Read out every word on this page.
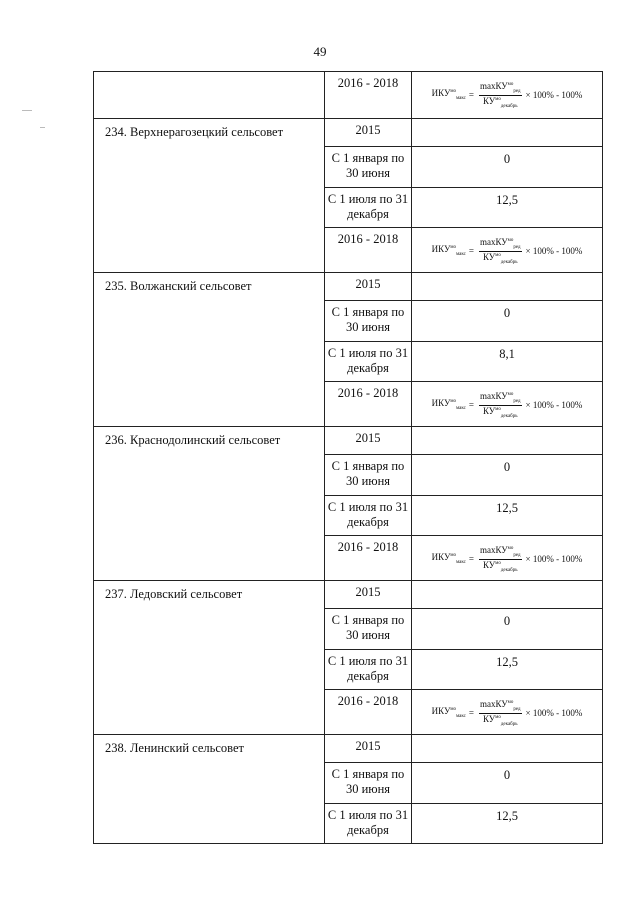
49

	2016 - 2018	$ИКУ^{мо}_{макс} = \frac{\max КУ^{мо}_{ред}}{КУ^{мо}_{декабрь}} \times 100\% - 100\%$

234. Верхнерагозецкий сельсовет	2015	

	С 1 января по 30 июня	0

	С 1 июля по 31 декабря	12,5

	2016 - 2018	$ИКУ^{мо}_{макс} = \frac{\max КУ^{мо}_{ред}}{КУ^{мо}_{декабрь}} \times 100\% - 100\%$

235. Волжанский сельсовет	2015	

	С 1 января по 30 июня	0

	С 1 июля по 31 декабря	8,1

	2016 - 2018	$ИКУ^{мо}_{макс} = \frac{\max КУ^{мо}_{ред}}{КУ^{мо}_{декабрь}} \times 100\% - 100\%$

236. Краснодолинский сельсовет	2015	

	С 1 января по 30 июня	0

	С 1 июля по 31 декабря	12,5

	2016 - 2018	$ИКУ^{мо}_{макс} = \frac{\max КУ^{мо}_{ред}}{КУ^{мо}_{декабрь}} \times 100\% - 100\%$

237. Ледовский сельсовет	2015	

	С 1 января по 30 июня	0

	С 1 июля по 31 декабря	12,5

	2016 - 2018	$ИКУ^{мо}_{макс} = \frac{\max КУ^{мо}_{ред}}{КУ^{мо}_{декабрь}} \times 100\% - 100\%$

238. Ленинский сельсовет	2015	

	С 1 января по 30 июня	0

	С 1 июля по 31 декабря	12,5
